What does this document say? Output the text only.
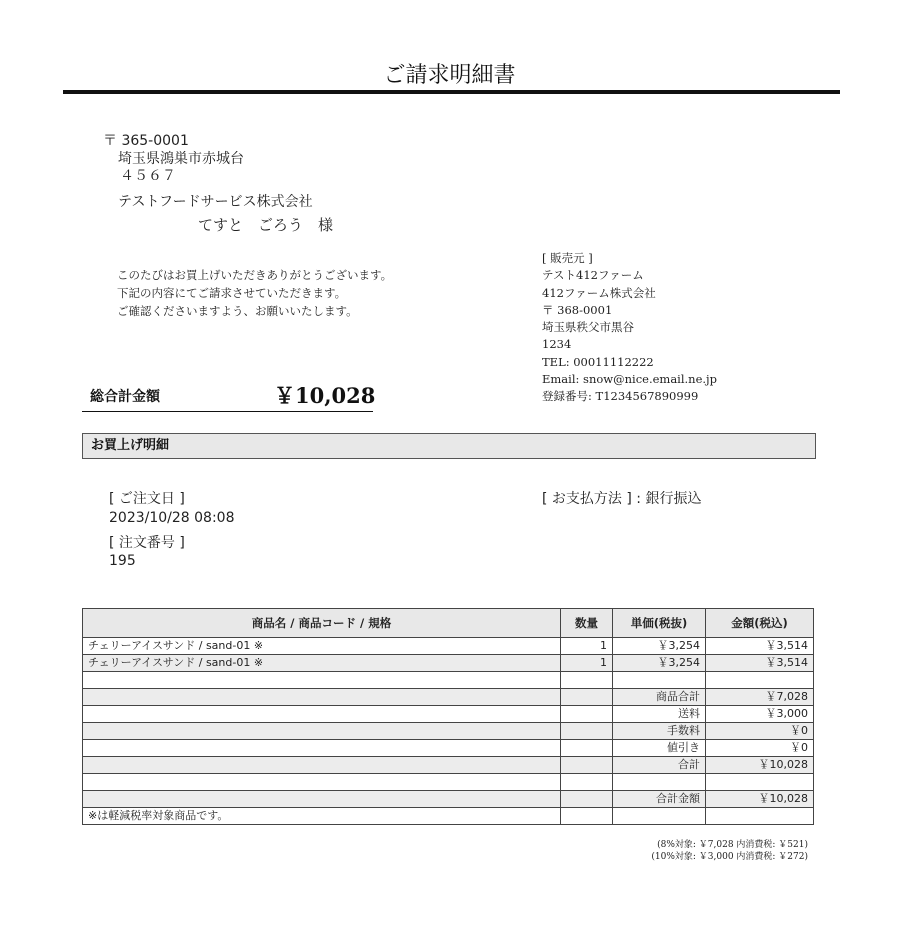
ご請求明細書
〒 365-0001
埼玉県鴻巣市赤城台
４５６７
テストフードサービス株式会社
てすと　ごろう　様
このたびはお買上げいただきありがとうございます。
下記の内容にてご請求させていただきます。
ご確認くださいますよう、お願いいたします。
[ 販売元 ]
テスト412ファーム
412ファーム株式会社
〒 368-0001
埼玉県秩父市黒谷
1234
TEL: 00011112222
Email: snow@nice.email.ne.jp
登録番号: T1234567890999
総合計金額	￥10,028
お買上げ明細
[ ご注文日 ]
2023/10/28 08:08
[ 注文番号 ]
195
[ お支払方法 ] : 銀行振込
商品名 / 商品コード / 規格	数量	単価(税抜)	金額(税込)
チェリーアイスサンド / sand-01 ※	1	￥3,254	￥3,514
チェリーアイスサンド / sand-01 ※	1	￥3,254	￥3,514

		商品合計	￥7,028
		送料	￥3,000
		手数料	￥0
		値引き	￥0
		合計	￥10,028

		合計金額	￥10,028
※は軽減税率対象商品です。			
(8%対象: ￥7,028 内消費税: ￥521)
(10%対象: ￥3,000 内消費税: ￥272)
